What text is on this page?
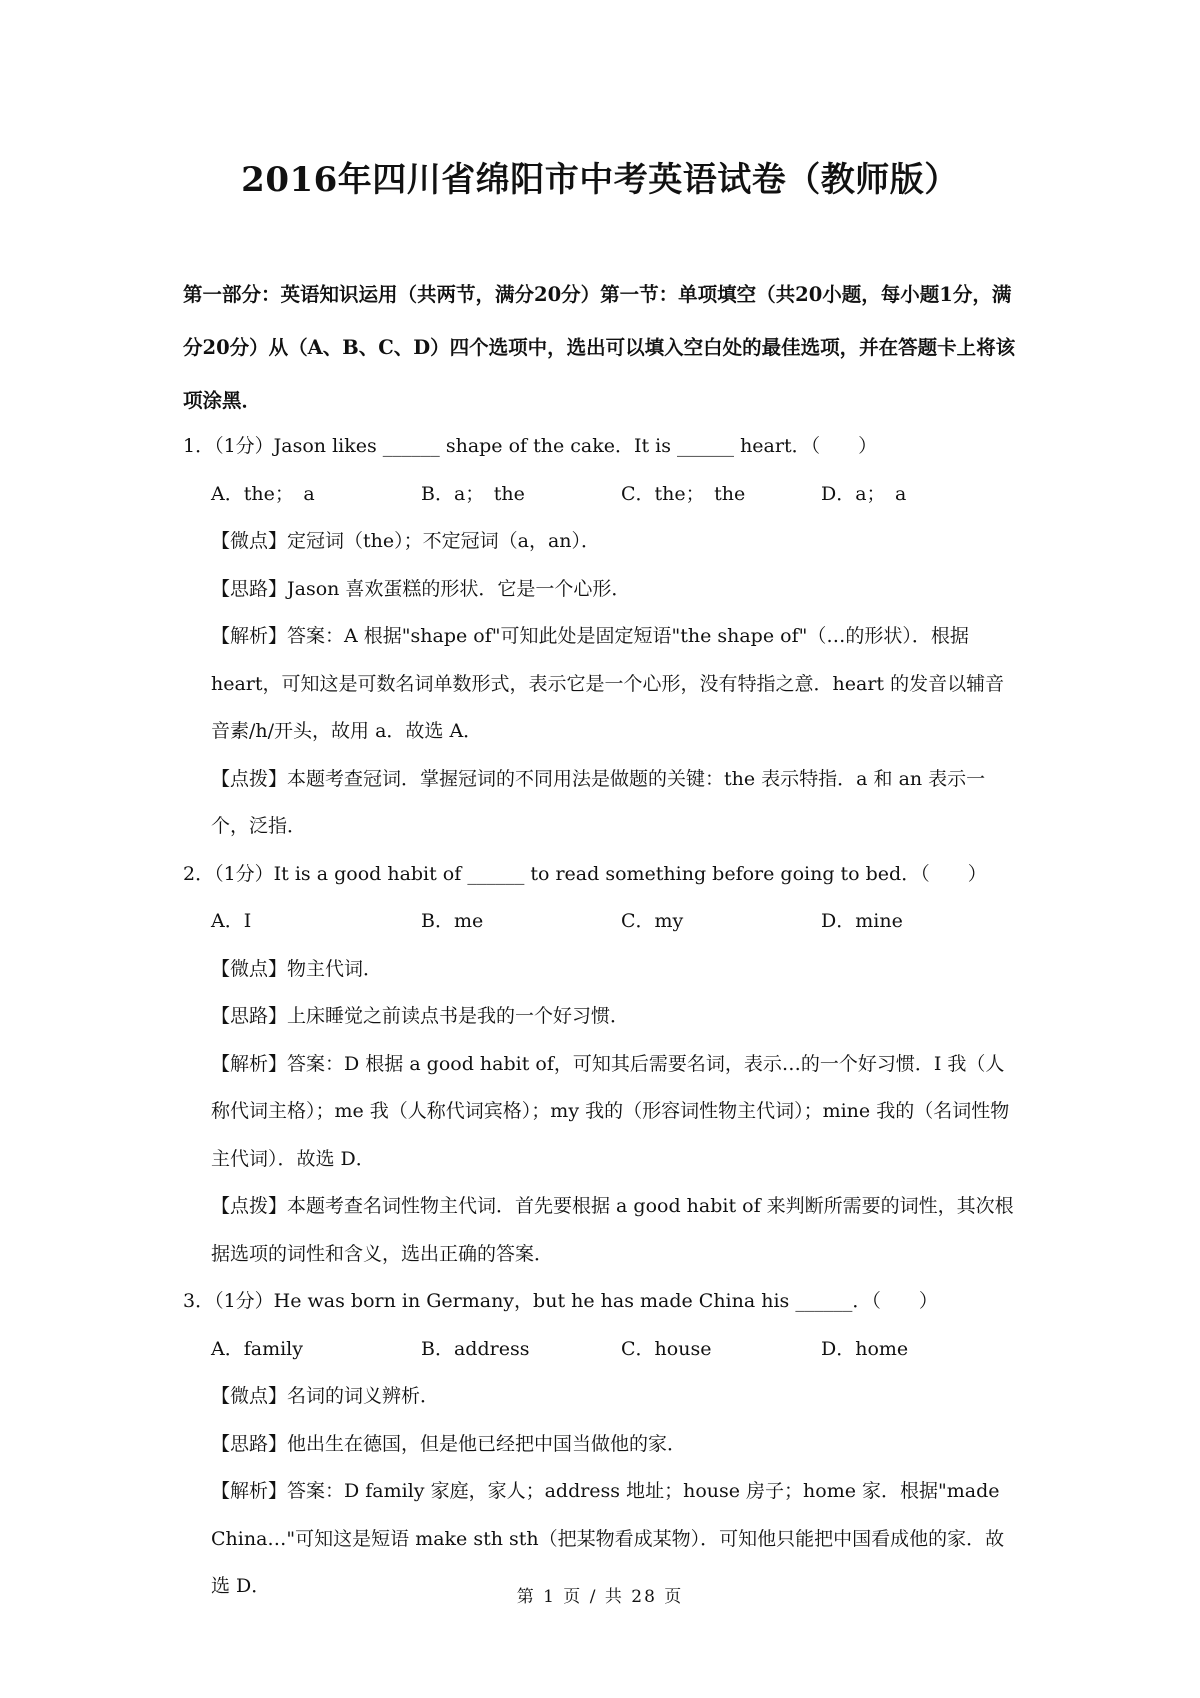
2016年四川省绵阳市中考英语试卷（教师版）
第一部分：英语知识运用（共两节，满分20分）第一节：单项填空（共20小题，每小题1分，满分20分）从（A、B、C、D）四个选项中，选出可以填入空白处的最佳选项，并在答题卡上将该项涂黑．
1．（1分）Jason likes ______ shape of the cake．It is ______ heart．（　　）
A．the；　a	B．a；　the	C．the；　the	D．a；　a
【微点】定冠词（the）；不定冠词（a，an）．
【思路】Jason 喜欢蛋糕的形状．它是一个心形．
【解析】答案：A 根据"shape of"可知此处是固定短语"the shape of"（…的形状）．根据 heart，可知这是可数名词单数形式，表示它是一个心形，没有特指之意．heart 的发音以辅音音素/h/开头，故用 a．故选 A．
【点拨】本题考查冠词．掌握冠词的不同用法是做题的关键：the 表示特指．a 和 an 表示一个，泛指．
2．（1分）It is a good habit of ______ to read something before going to bed．（　　）
A．I	B．me	C．my	D．mine
【微点】物主代词．
【思路】上床睡觉之前读点书是我的一个好习惯．
【解析】答案：D 根据 a good habit of，可知其后需要名词，表示…的一个好习惯．I 我（人称代词主格）；me 我（人称代词宾格）；my 我的（形容词性物主代词）；mine 我的（名词性物主代词）．故选 D．
【点拨】本题考查名词性物主代词．首先要根据 a good habit of 来判断所需要的词性，其次根据选项的词性和含义，选出正确的答案．
3．（1分）He was born in Germany，but he has made China his ______．（　　）
A．family	B．address	C．house	D．home
【微点】名词的词义辨析．
【思路】他出生在德国，但是他已经把中国当做他的家．
【解析】答案：D family 家庭，家人；address 地址；house 房子；home 家．根据"made China…"可知这是短语 make sth sth（把某物看成某物）．可知他只能把中国看成他的家．故选 D．	第 1 页 / 共 28 页
